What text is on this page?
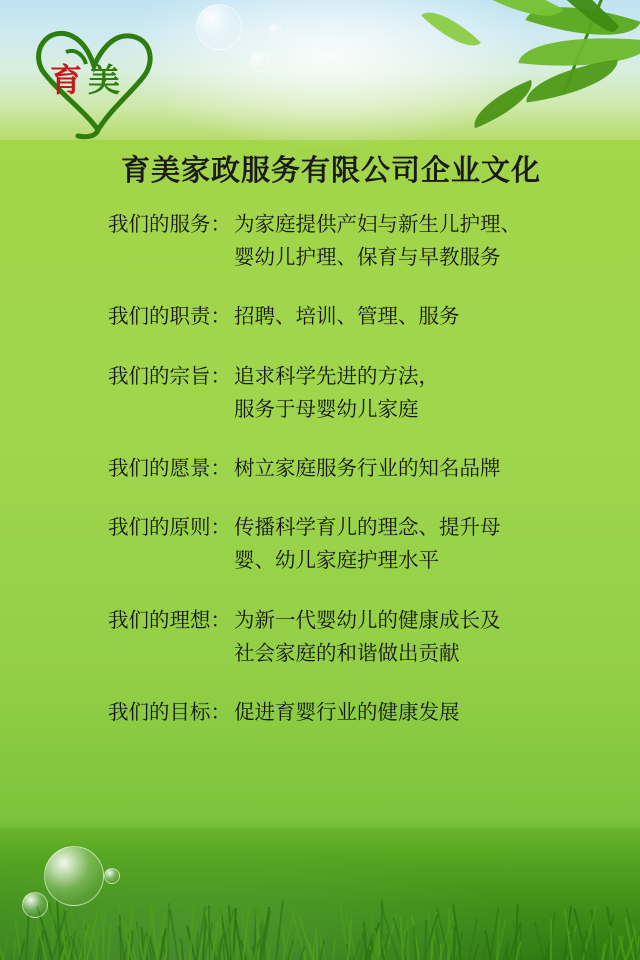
育 美
育美家政服务有限公司企业文化
我们的服务： 为家庭提供产妇与新生儿护理、
婴幼儿护理、保育与早教服务
我们的职责： 招聘、培训、管理、服务
我们的宗旨： 追求科学先进的方法，
服务于母婴幼儿家庭
我们的愿景： 树立家庭服务行业的知名品牌
我们的原则： 传播科学育儿的理念、提升母
婴、幼儿家庭护理水平
我们的理想： 为新一代婴幼儿的健康成长及
社会家庭的和谐做出贡献
我们的目标： 促进育婴行业的健康发展
